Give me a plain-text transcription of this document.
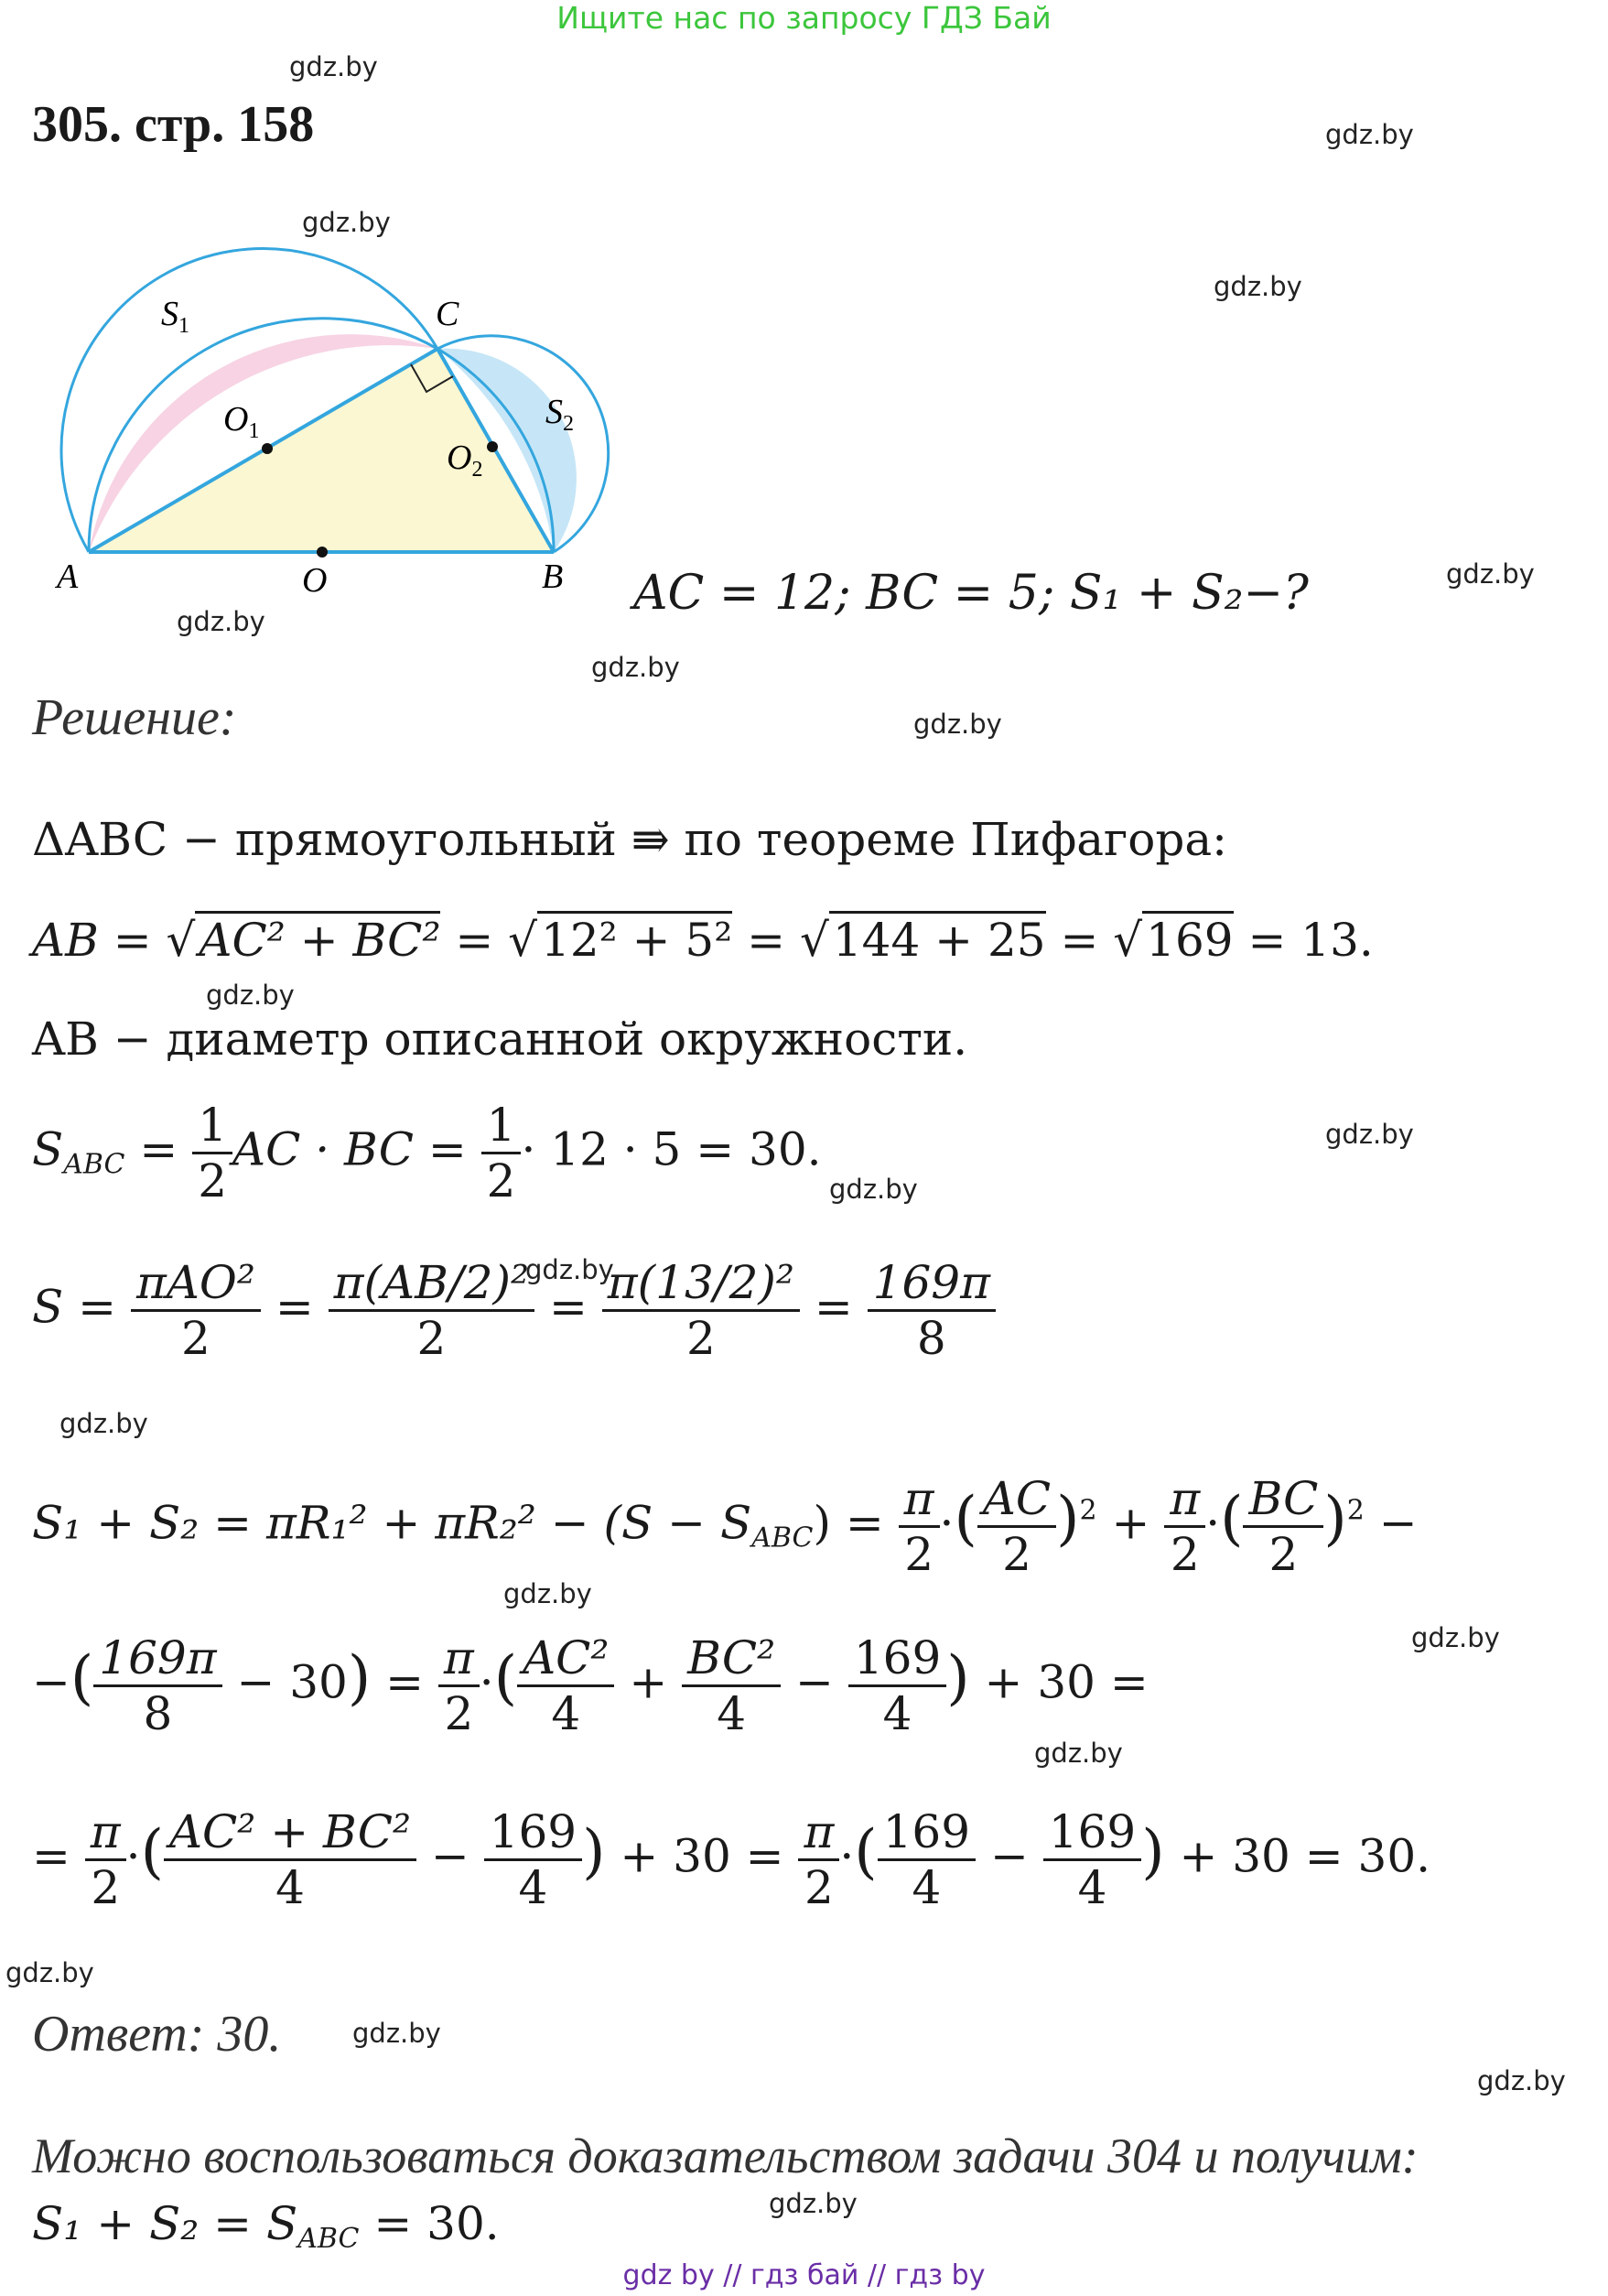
Ищите нас по запросу ГДЗ Бай
305. стр. 158
gdz.by
gdz.by
gdz.by
gdz.by
gdz.by
gdz.by
gdz.by
gdz.by
gdz.by
gdz.by
gdz.by
gdz.by
gdz.by
gdz.by
gdz.by
gdz.by
gdz.by
gdz.by
gdz.by
gdz.by
$S_1$	C
$S_2$
$O_1$
$O_2$
A	O	B AC = 12; BC = 5; S₁ + S₂−?
Решение:
ΔABC − прямоугольный ⇛ по теореме Пифагора:
AB = √AC² + BC² = √12² + 5² = √144 + 25 = √169 = 13.
AB − диаметр описанной окружности.
$S_{ABC} = \frac{1}{2}$ AC · BC = $\frac{1}{2} \cdot 12 \cdot 5 = 30$.
$S = \frac{\text{πAO²}}{2} = \frac{\text{π(AB/2)²}}{2} = \frac{\text{π(13/2)²}}{2} = \frac{169\pi}{8}$
$S_1 + S_2 = \pi R_1^2 + \pi R_2^2 - (S - S_{ABC}) = \frac{\pi}{2}$ ·( $\frac{AC}{2} )^2 + \frac{\pi}{2}$ ·( $\frac{BC}{2} )^2$ −
−( $\frac{169\pi}{8} - 30) = \frac{\pi}{2}$ ·( $\frac{\text{AC²}}{4} + \frac{\text{BC²}}{4} - \frac{169}{4}$ ) + 30 =
= $\frac{\pi}{2}$ ·( $\frac{\text{AC² + BC²}}{4} - \frac{169}{4}$ ) + $30 = \frac{\pi}{2}$ ·( $\frac{169}{4} - \frac{169}{4}$ ) + 30 = 30.
Ответ: 30.
Можно воспользоваться доказательством задачи 304 и получим:
$S_1 + S_2 = S_{ABC} = 30$.
gdz by // гдз бай // гдз by
